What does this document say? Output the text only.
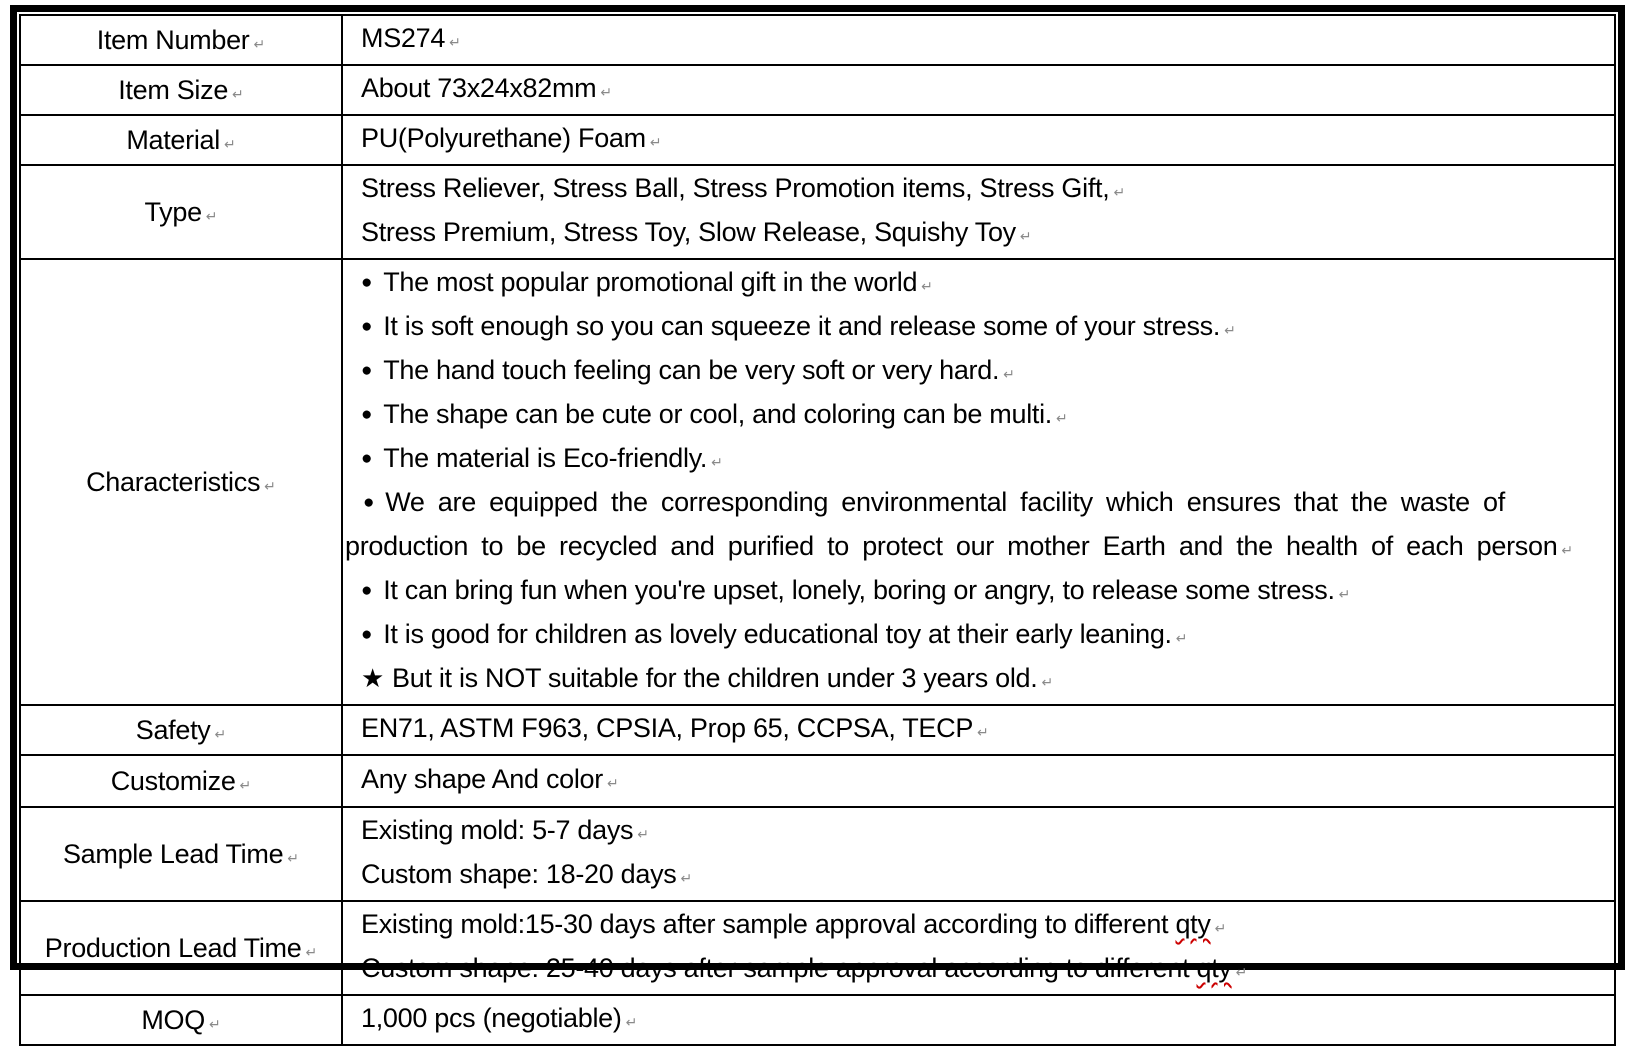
Item Number ↵	MS274 ↵

Item Size ↵	About 73x24x82mm ↵

Material ↵	PU(Polyurethane) Foam ↵

Type ↵	Stress Reliever, Stress Ball, Stress Promotion items, Stress Gift, ↵
Stress Premium, Stress Toy, Slow Release, Squishy Toy ↵

Characteristics ↵	
● The most popular promotional gift in the world ↵
● It is soft enough so you can squeeze it and release some of your stress. ↵
● The hand touch feeling can be very soft or very hard. ↵
● The shape can be cute or cool, and coloring can be multi. ↵
● The material is Eco-friendly. ↵
● We are equipped the corresponding environmental facility which ensures that the waste of production to be recycled and purified to protect our mother Earth and the health of each person ↵
● It can bring fun when you're upset, lonely, boring or angry, to release some stress. ↵
● It is good for children as lovely educational toy at their early leaning. ↵
★ But it is NOT suitable for the children under 3 years old. ↵

Safety ↵	EN71, ASTM F963, CPSIA, Prop 65, CCPSA, TECP ↵

Customize ↵	Any shape And color ↵

Sample Lead Time ↵	Existing mold: 5-7 days ↵
Custom shape: 18-20 days ↵

Production Lead Time ↵	Existing mold:15-30 days after sample approval according to different qty ↵
Custom shape: 25-40 days after sample approval according to different qty ↵

MOQ ↵	1,000 pcs (negotiable) ↵
